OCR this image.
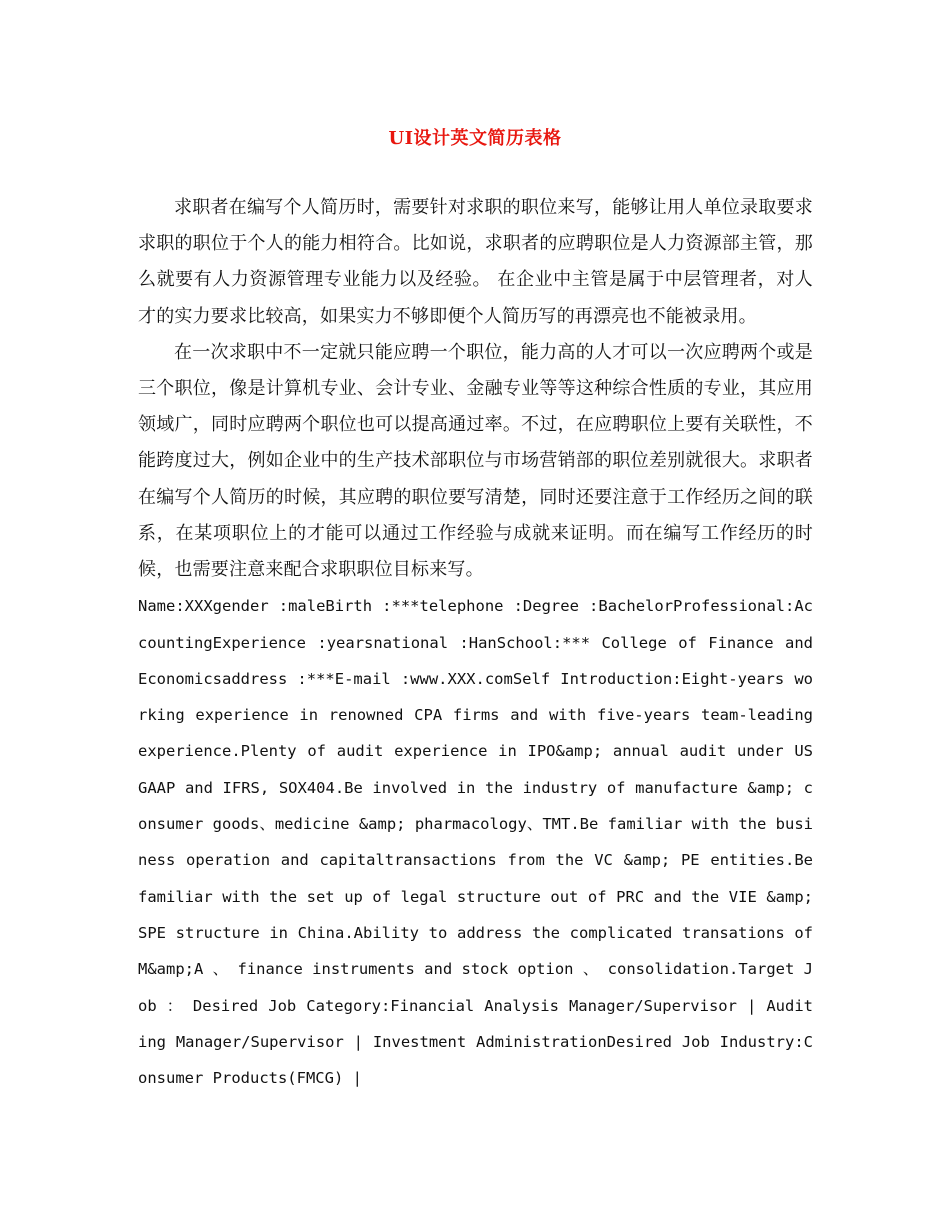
UI设计英文简历表格

求职者在编写个人简历时，需要针对求职的职位来写，能够让用人单位录取要求求职的职位于个人的能力相符合。比如说，求职者的应聘职位是人力资源部主管，那么就要有人力资源管理专业能力以及经验。 在企业中主管是属于中层管理者，对人才的实力要求比较高，如果实力不够即便个人简历写的再漂亮也不能被录用。

在一次求职中不一定就只能应聘一个职位，能力高的人才可以一次应聘两个或是三个职位，像是计算机专业、会计专业、金融专业等等这种综合性质的专业，其应用领域广，同时应聘两个职位也可以提高通过率。不过，在应聘职位上要有关联性，不能跨度过大，例如企业中的生产技术部职位与市场营销部的职位差别就很大。求职者在编写个人简历的时候，其应聘的职位要写清楚，同时还要注意于工作经历之间的联系，在某项职位上的才能可以通过工作经验与成就来证明。而在编写工作经历的时候，也需要注意来配合求职职位目标来写。

Name:XXXgender :maleBirth :***telephone :Degree :BachelorProfessional:AccountingExperience :yearsnational :HanSchool:*** College of Finance and Economicsaddress :***E-mail :www.XXX.comSelf Introduction:Eight-years working experience in renowned CPA firms and with five-years team-leading experience.Plenty of audit experience in IPO&amp; annual audit under US GAAP and IFRS, SOX404.Be involved in the industry of manufacture &amp; consumer goods、medicine &amp; pharmacology、TMT.Be familiar with the business operation and capitaltransactions from the VC &amp; PE entities.Be familiar with the set up of legal structure out of PRC and the VIE &amp; SPE structure in China.Ability to address the complicated transations of M&amp;A 、 finance instruments and stock option 、 consolidation.Target Job ： Desired Job Category:Financial Analysis Manager/Supervisor | Auditing Manager/Supervisor | Investment AdministrationDesired Job Industry:Consumer Products(FMCG) |
